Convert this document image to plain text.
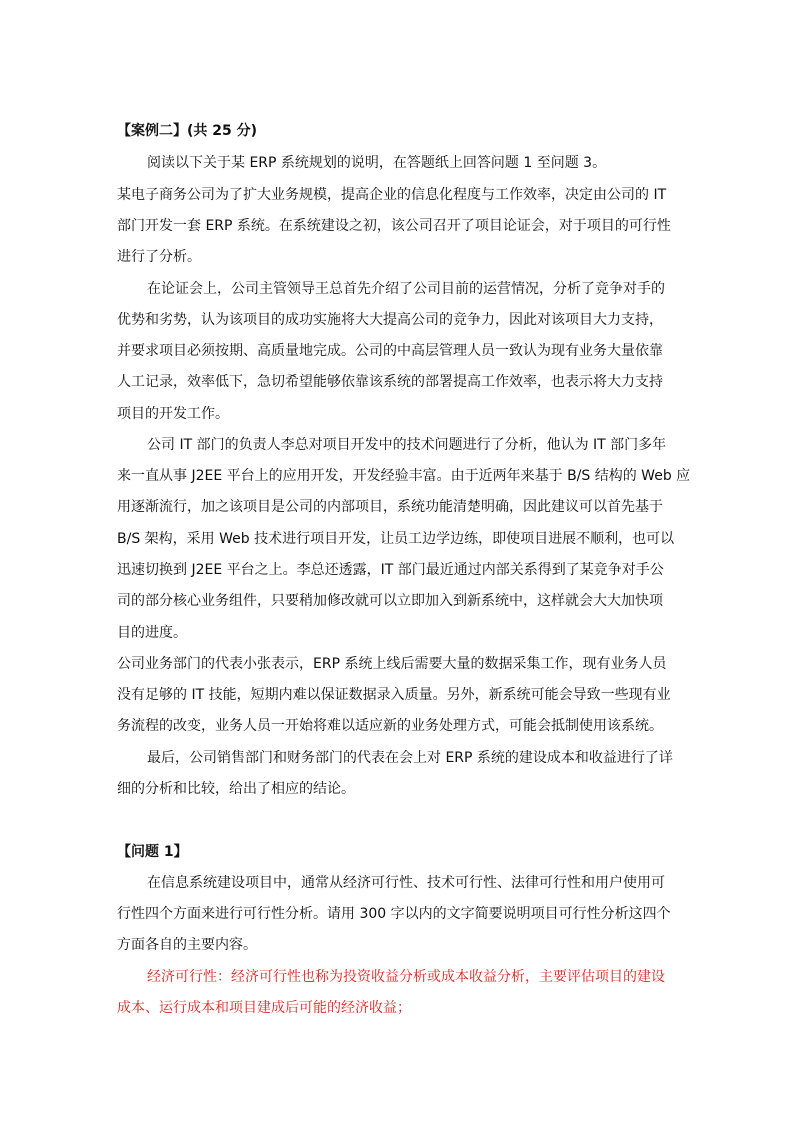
【案例二】(共 25 分)
阅读以下关于某 ERP 系统规划的说明，在答题纸上回答问题 1 至问题 3。
某电子商务公司为了扩大业务规模，提高企业的信息化程度与工作效率，决定由公司的 IT
部门开发一套 ERP 系统。在系统建设之初，该公司召开了项目论证会，对于项目的可行性
进行了分析。
在论证会上，公司主管领导王总首先介绍了公司目前的运营情况，分析了竞争对手的
优势和劣势，认为该项目的成功实施将大大提高公司的竞争力，因此对该项目大力支持，
并要求项目必须按期、高质量地完成。公司的中高层管理人员一致认为现有业务大量依靠
人工记录，效率低下，急切希望能够依靠该系统的部署提高工作效率，也表示将大力支持
项目的开发工作。
公司 IT 部门的负责人李总对项目开发中的技术问题进行了分析，他认为 IT 部门多年
来一直从事 J2EE 平台上的应用开发，开发经验丰富。由于近两年来基于 B/S 结构的 Web 应
用逐渐流行，加之该项目是公司的内部项目，系统功能清楚明确，因此建议可以首先基于
B/S 架构，采用 Web 技术进行项目开发，让员工边学边练，即使项目进展不顺利，也可以
迅速切换到 J2EE 平台之上。李总还透露，IT 部门最近通过内部关系得到了某竞争对手公
司的部分核心业务组件，只要稍加修改就可以立即加入到新系统中，这样就会大大加快项
目的进度。
公司业务部门的代表小张表示，ERP 系统上线后需要大量的数据采集工作，现有业务人员
没有足够的 IT 技能，短期内难以保证数据录入质量。另外，新系统可能会导致一些现有业
务流程的改变，业务人员一开始将难以适应新的业务处理方式，可能会抵制使用该系统。
最后，公司销售部门和财务部门的代表在会上对 ERP 系统的建设成本和收益进行了详
细的分析和比较，给出了相应的结论。
【问题 1】
在信息系统建设项目中，通常从经济可行性、技术可行性、法律可行性和用户使用可
行性四个方面来进行可行性分析。请用 300 字以内的文字简要说明项目可行性分析这四个
方面各自的主要内容。
经济可行性：经济可行性也称为投资收益分析或成本收益分析，主要评估项目的建设
成本、运行成本和项目建成后可能的经济收益；
